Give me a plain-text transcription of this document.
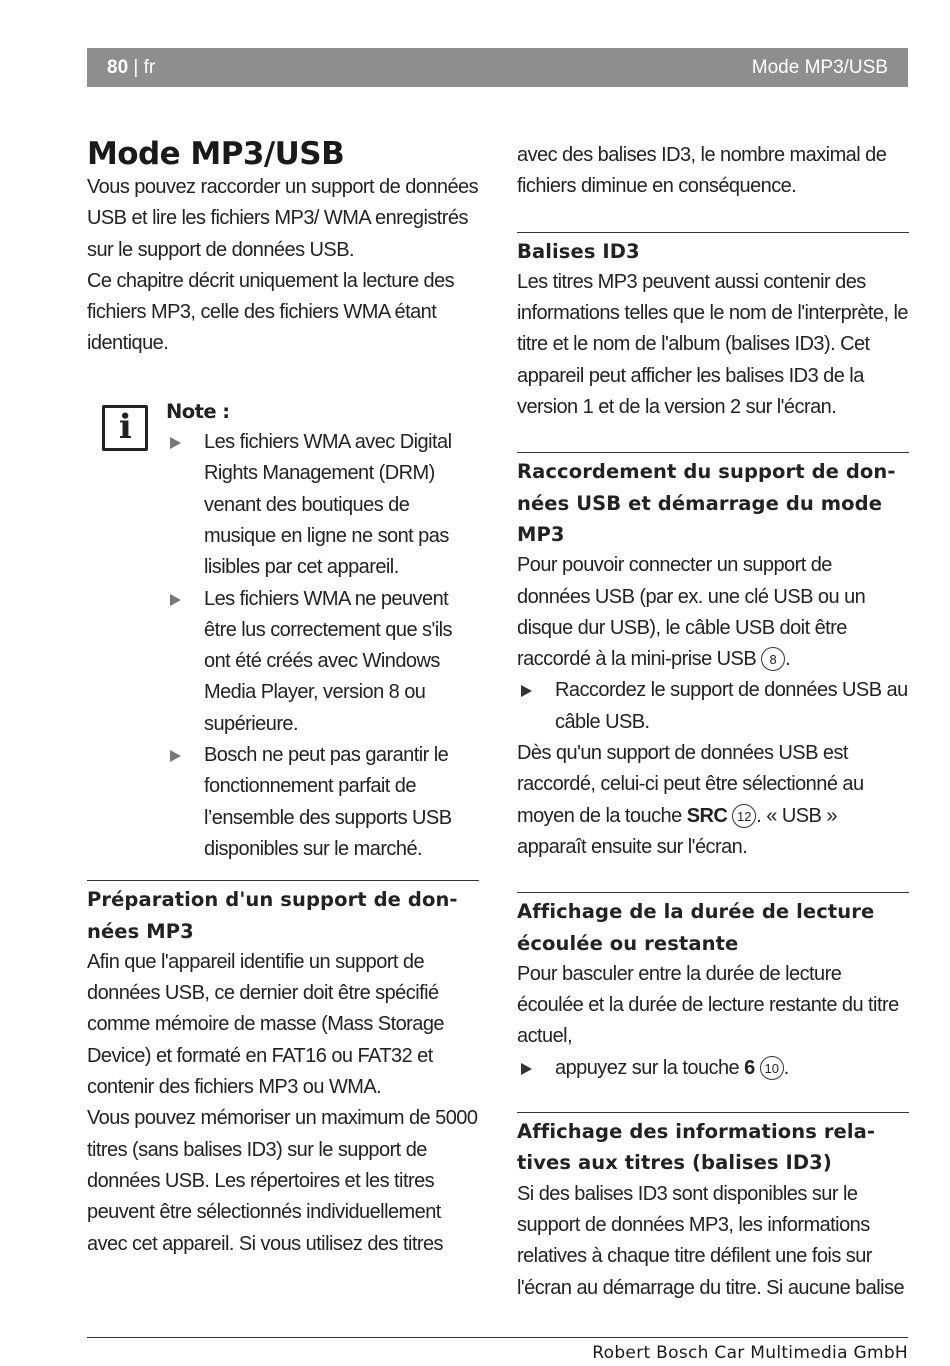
80 | fr	Mode MP3/USB
Mode MP3/USB

Vous pouvez raccorder un support de données USB et lire les fichiers MP3/ WMA enregistrés sur le support de données USB.

Ce chapitre décrit uniquement la lecture des fichiers MP3, celle des fichiers WMA étant identique.

i	Note :
Les fichiers WMA avec Digital Rights Management (DRM) venant des boutiques de musique en ligne ne sont pas lisibles par cet appareil.
Les fichiers WMA ne peuvent être lus correctement que s'ils ont été créés avec Windows Media Player, version 8 ou supérieure.
Bosch ne peut pas garantir le fonctionnement parfait de l’ensemble des supports USB disponibles sur le marché.
Préparation d'un support de don-nées MP3

Afin que l'appareil identifie un support de données USB, ce dernier doit être spécifié comme mémoire de masse (Mass Storage Device) et formaté en FAT16 ou FAT32 et contenir des fichiers MP3 ou WMA.

Vous pouvez mémoriser un maximum de 5000 titres (sans balises ID3) sur le support de données USB. Les répertoires et les titres peuvent être sélectionnés individuellement avec cet appareil. Si vous utilisez des titres

avec des balises ID3, le nombre maximal de fichiers diminue en conséquence.

Balises ID3

Les titres MP3 peuvent aussi contenir des informations telles que le nom de l'interprète, le titre et le nom de l'album (balises ID3). Cet appareil peut afficher les balises ID3 de la version 1 et de la version 2 sur l'écran.

Raccordement du support de don-nées USB et démarrage du mode MP3

Pour pouvoir connecter un support de données USB (par ex. une clé USB ou un disque dur USB), le câble USB doit être raccordé à la mini-prise USB 8 .

Raccordez le support de données USB au câble USB.

Dès qu'un support de données USB est raccordé, celui-ci peut être sélectionné au moyen de la touche SRC 12 . « USB » apparaît ensuite sur l'écran.

Affichage de la durée de lecture écoulée ou restante

Pour basculer entre la durée de lecture écoulée et la durée de lecture restante du titre actuel,

appuyez sur la touche 6 10 .
Affichage des informations rela-tives aux titres (balises ID3)

Si des balises ID3 sont disponibles sur le support de données MP3, les informations relatives à chaque titre défilent une fois sur l'écran au démarrage du titre. Si aucune balise

Robert Bosch Car Multimedia GmbH
